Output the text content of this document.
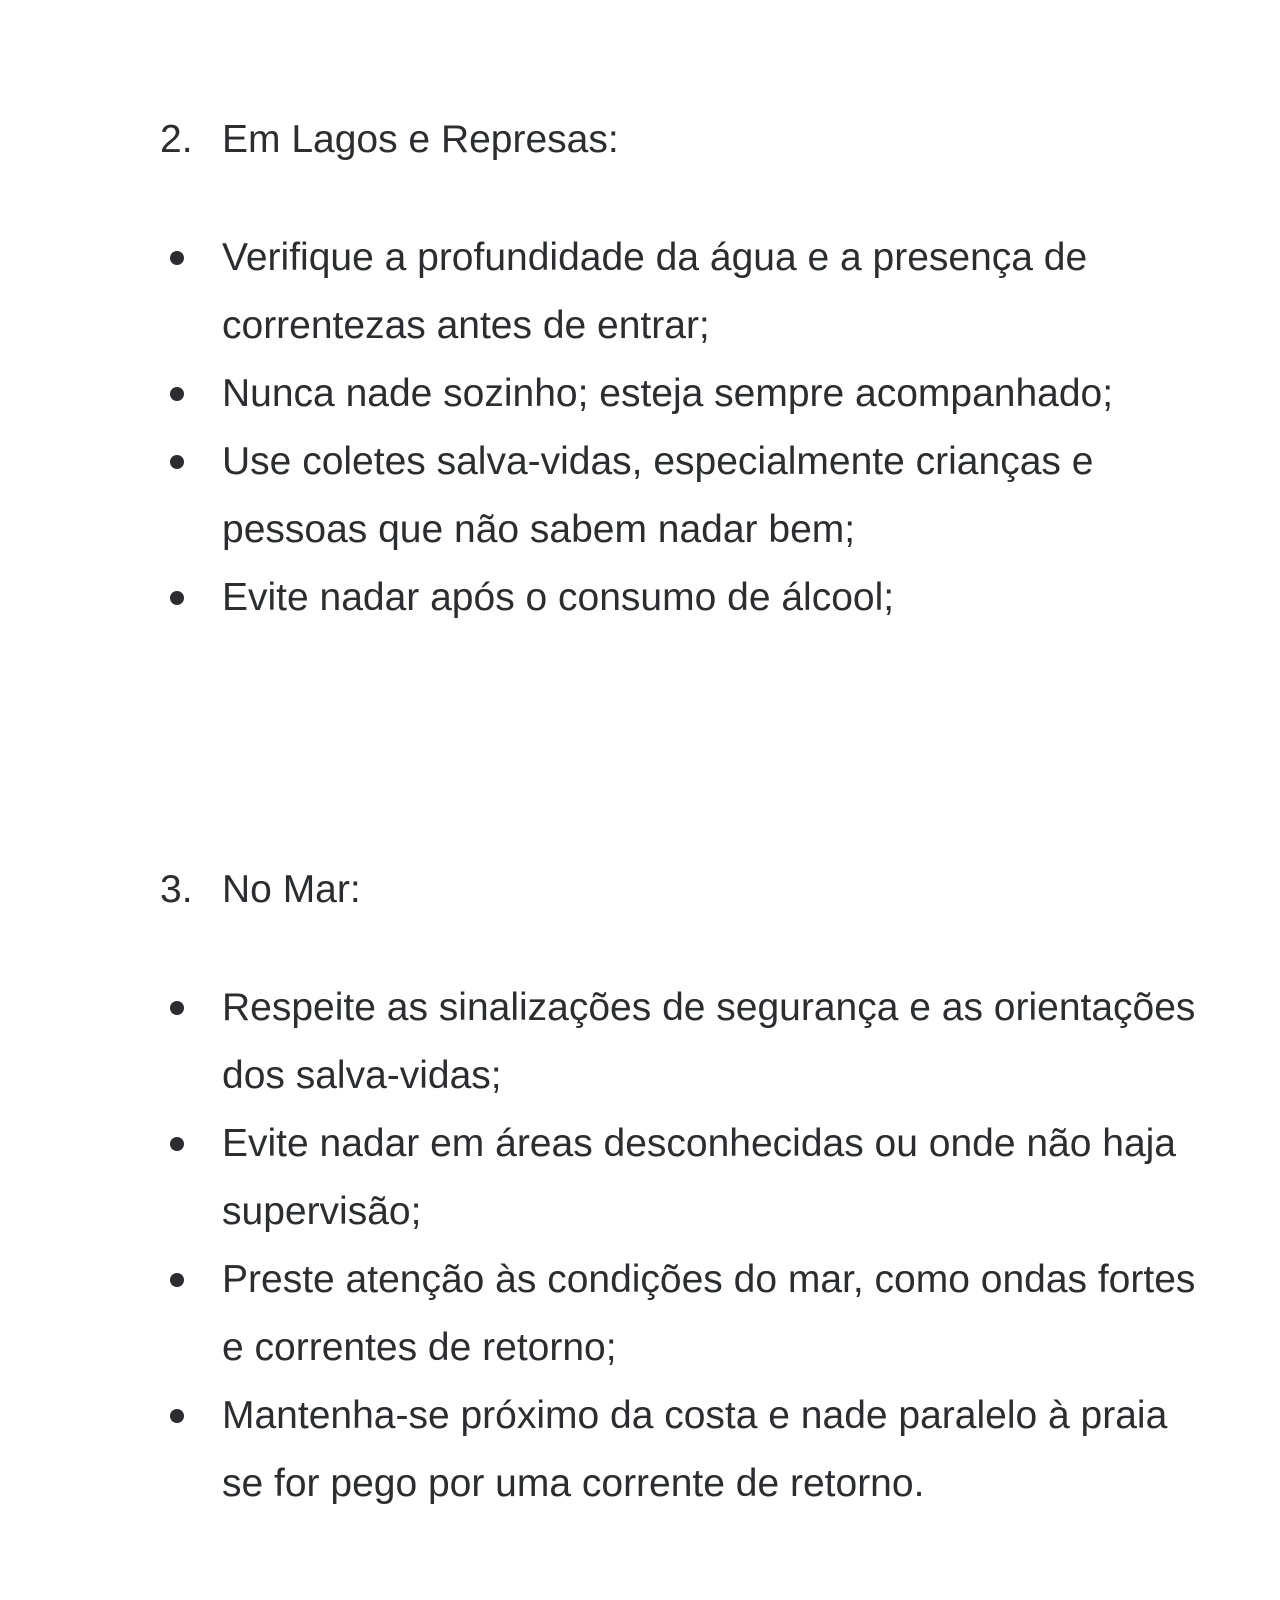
2. Em Lagos e Represas:
Verifique a profundidade da água e a presença de correntezas antes de entrar;
Nunca nade sozinho; esteja sempre acompanhado;
Use coletes salva-vidas, especialmente crianças e pessoas que não sabem nadar bem;
Evite nadar após o consumo de álcool;
3. No Mar:
Respeite as sinalizações de segurança e as orientações dos salva-vidas;
Evite nadar em áreas desconhecidas ou onde não haja supervisão;
Preste atenção às condições do mar, como ondas fortes e correntes de retorno;
Mantenha-se próximo da costa e nade paralelo à praia se for pego por uma corrente de retorno.
